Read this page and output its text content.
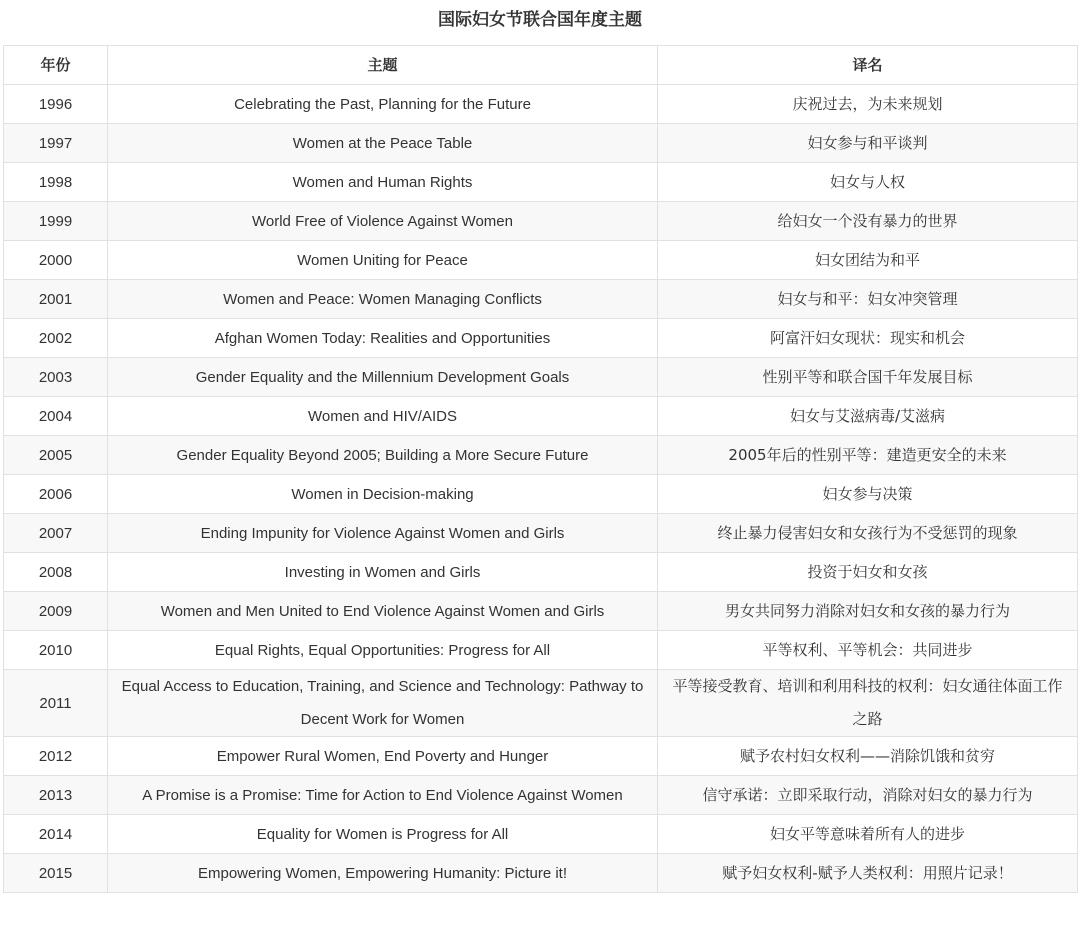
国际妇女节联合国年度主题
年份	主题	译名
1996	Celebrating the Past, Planning for the Future	庆祝过去，为未来规划
1997	Women at the Peace Table	妇女参与和平谈判
1998	Women and Human Rights	妇女与人权
1999	World Free of Violence Against Women	给妇女一个没有暴力的世界
2000	Women Uniting for Peace	妇女团结为和平
2001	Women and Peace: Women Managing Conflicts	妇女与和平：妇女冲突管理
2002	Afghan Women Today: Realities and Opportunities	阿富汗妇女现状：现实和机会
2003	Gender Equality and the Millennium Development Goals	性别平等和联合国千年发展目标
2004	Women and HIV/AIDS	妇女与艾滋病毒/艾滋病
2005	Gender Equality Beyond 2005; Building a More Secure Future	2005年后的性别平等：建造更安全的未来
2006	Women in Decision-making	妇女参与决策
2007	Ending Impunity for Violence Against Women and Girls	终止暴力侵害妇女和女孩行为不受惩罚的现象
2008	Investing in Women and Girls	投资于妇女和女孩
2009	Women and Men United to End Violence Against Women and Girls	男女共同努力消除对妇女和女孩的暴力行为
2010	Equal Rights, Equal Opportunities: Progress for All	平等权利、平等机会：共同进步
2011	Equal Access to Education, Training, and Science and Technology: Pathway to Decent Work for Women	平等接受教育、培训和利用科技的权利：妇女通往体面工作之路
2012	Empower Rural Women, End Poverty and Hunger	赋予农村妇女权利——消除饥饿和贫穷
2013	A Promise is a Promise: Time for Action to End Violence Against Women	信守承诺：立即采取行动，消除对妇女的暴力行为
2014	Equality for Women is Progress for All	妇女平等意味着所有人的进步
2015	Empowering Women, Empowering Humanity: Picture it!	赋予妇女权利-赋予人类权利：用照片记录！
